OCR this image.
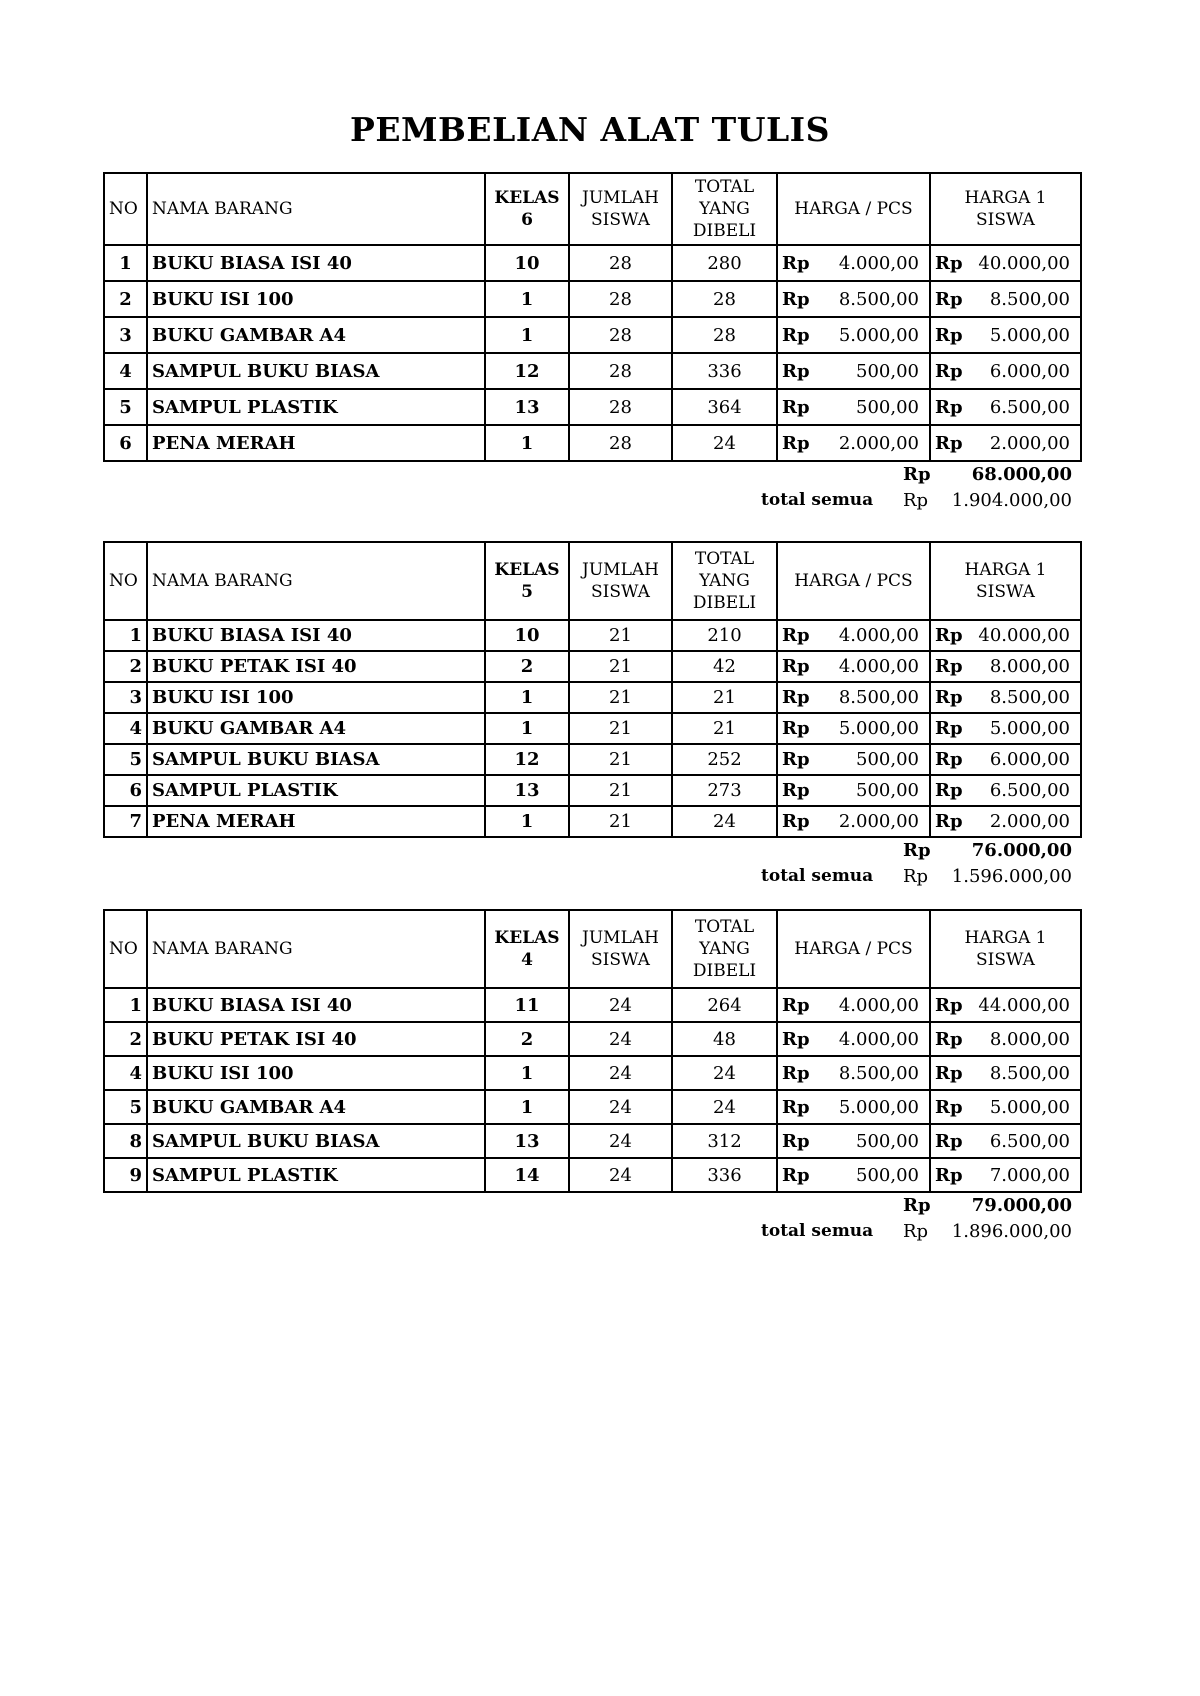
PEMBELIAN ALAT TULIS
NO	NAMA BARANG	KELAS 6	JUMLAH SISWA	TOTAL YANG DIBELI	HARGA / PCS	HARGA 1 SISWA
1	BUKU BIASA ISI 40	10	28	280	Rp 4.000,00	Rp 40.000,00

2	BUKU ISI 100	1	28	28	Rp 8.500,00	Rp 8.500,00

3	BUKU GAMBAR A4	1	28	28	Rp 5.000,00	Rp 5.000,00

4	SAMPUL BUKU BIASA	12	28	336	Rp 500,00	Rp 6.000,00

5	SAMPUL PLASTIK	13	28	364	Rp 500,00	Rp 6.500,00

6	PENA MERAH	1	28	24	Rp 2.000,00	Rp 2.000,00
Rp 68.000,00
total semua Rp 1.904.000,00
NO	NAMA BARANG	KELAS 5	JUMLAH SISWA	TOTAL YANG DIBELI	HARGA / PCS	HARGA 1 SISWA
1	BUKU BIASA ISI 40	10	21	210	Rp 4.000,00	Rp 40.000,00

2	BUKU PETAK ISI 40	2	21	42	Rp 4.000,00	Rp 8.000,00

3	BUKU ISI 100	1	21	21	Rp 8.500,00	Rp 8.500,00

4	BUKU GAMBAR A4	1	21	21	Rp 5.000,00	Rp 5.000,00

5	SAMPUL BUKU BIASA	12	21	252	Rp 500,00	Rp 6.000,00

6	SAMPUL PLASTIK	13	21	273	Rp 500,00	Rp 6.500,00

7	PENA MERAH	1	21	24	Rp 2.000,00	Rp 2.000,00
Rp 76.000,00
total semua Rp 1.596.000,00
NO	NAMA BARANG	KELAS 4	JUMLAH SISWA	TOTAL YANG DIBELI	HARGA / PCS	HARGA 1 SISWA
1	BUKU BIASA ISI 40	11	24	264	Rp 4.000,00	Rp 44.000,00

2	BUKU PETAK ISI 40	2	24	48	Rp 4.000,00	Rp 8.000,00

4	BUKU ISI 100	1	24	24	Rp 8.500,00	Rp 8.500,00

5	BUKU GAMBAR A4	1	24	24	Rp 5.000,00	Rp 5.000,00

8	SAMPUL BUKU BIASA	13	24	312	Rp 500,00	Rp 6.500,00

9	SAMPUL PLASTIK	14	24	336	Rp 500,00	Rp 7.000,00
Rp 79.000,00
total semua Rp 1.896.000,00
